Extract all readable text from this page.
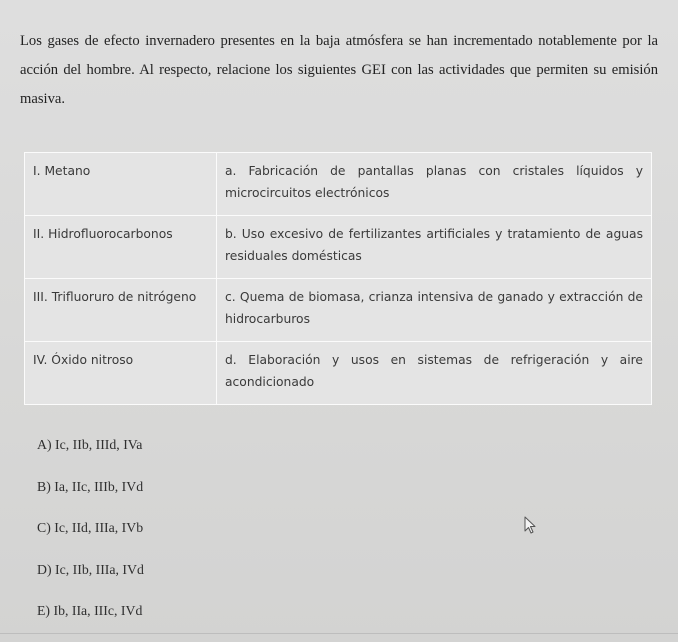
Los gases de efecto invernadero presentes en la baja atmósfera se han incrementado notablemente por la acción del hombre. Al respecto, relacione los siguientes GEI con las actividades que permiten su emisión masiva.
I. Metano	a. Fabricación de pantallas planas con cristales líquidos y microcircuitos electrónicos
II. Hidrofluorocarbonos	b. Uso excesivo de fertilizantes artificiales y tratamiento de aguas residuales domésticas
III. Trifluoruro de nitrógeno	c. Quema de biomasa, crianza intensiva de ganado y extracción de hidrocarburos
IV. Óxido nitroso	d. Elaboración y usos en sistemas de refrigeración y aire acondicionado
A) Ic, IIb, IIId, IVa
B) Ia, IIc, IIIb, IVd
C) Ic, IId, IIIa, IVb
D) Ic, IIb, IIIa, IVd
E) Ib, IIa, IIIc, IVd
